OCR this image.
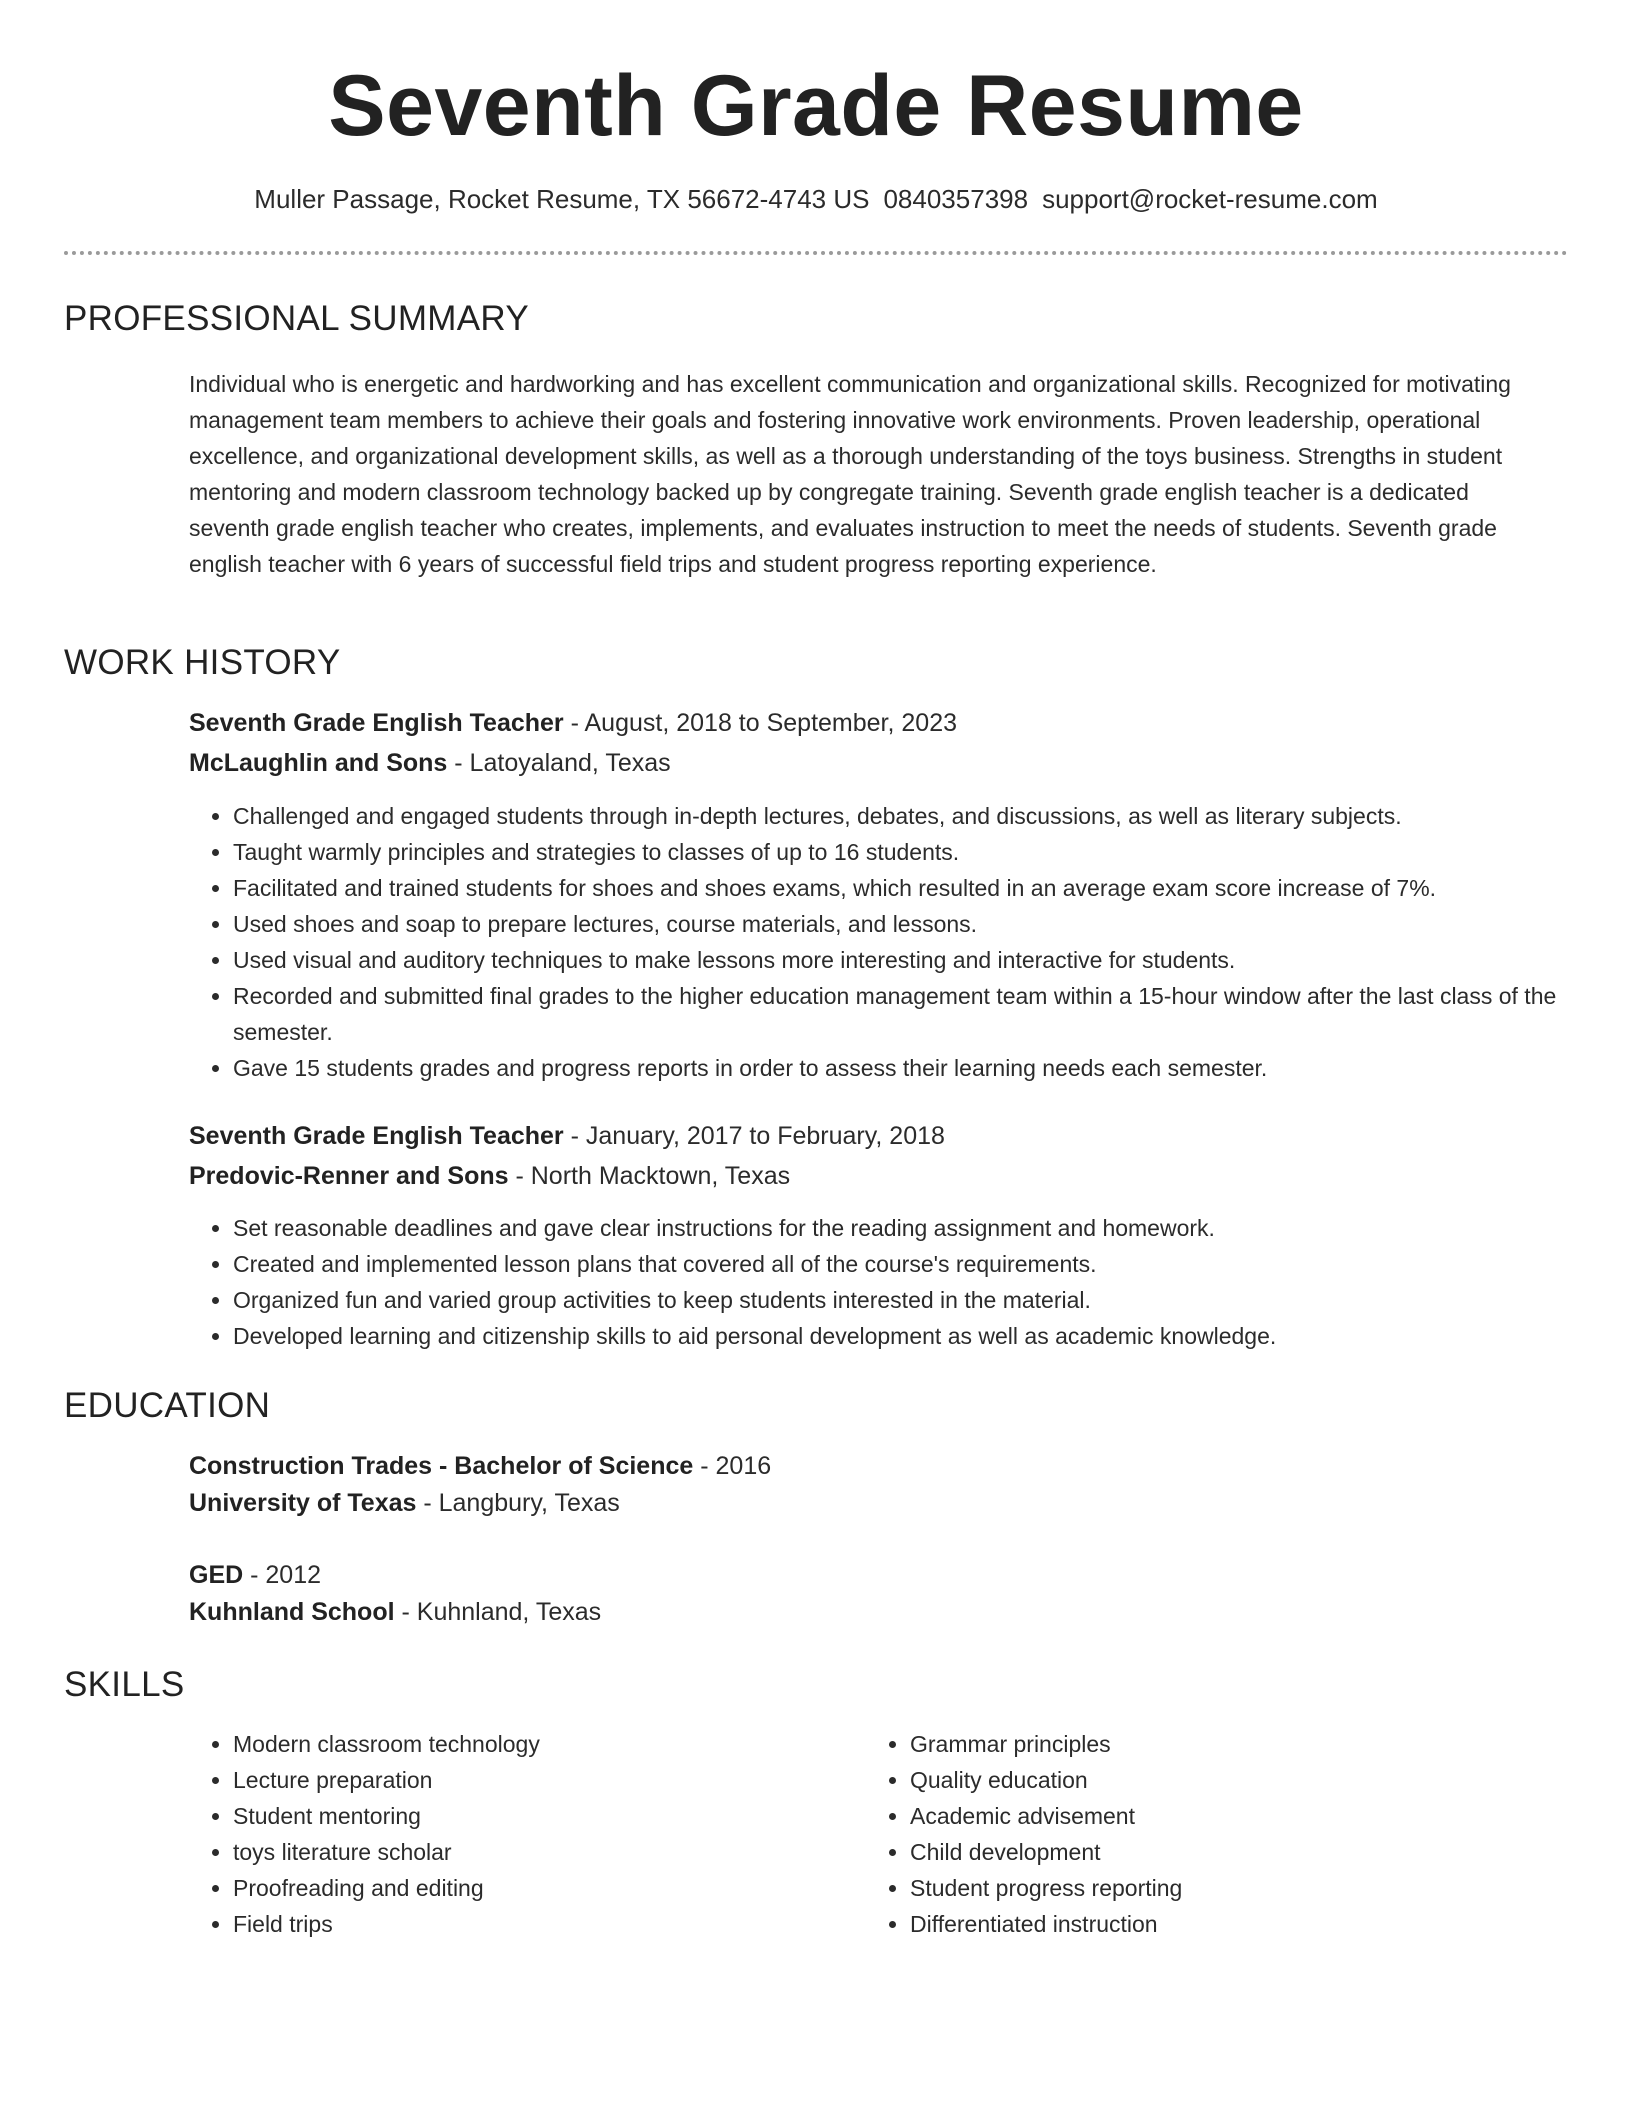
Seventh Grade Resume
Muller Passage, Rocket Resume, TX 56672-4743 US 0840357398 support@rocket-resume.com
PROFESSIONAL SUMMARY

Individual who is energetic and hardworking and has excellent communication and organizational skills. Recognized for motivating management team members to achieve their goals and fostering innovative work environments. Proven leadership, operational excellence, and organizational development skills, as well as a thorough understanding of the toys business. Strengths in student mentoring and modern classroom technology backed up by congregate training. Seventh grade english teacher is a dedicated seventh grade english teacher who creates, implements, and evaluates instruction to meet the needs of students. Seventh grade english teacher with 6 years of successful field trips and student progress reporting experience.

WORK HISTORY
Seventh Grade English Teacher - August, 2018 to September, 2023
McLaughlin and Sons - Latoyaland, Texas
• Challenged and engaged students through in-depth lectures, debates, and discussions, as well as literary subjects.
• Taught warmly principles and strategies to classes of up to 16 students.
• Facilitated and trained students for shoes and shoes exams, which resulted in an average exam score increase of 7%.
• Used shoes and soap to prepare lectures, course materials, and lessons.
• Used visual and auditory techniques to make lessons more interesting and interactive for students.
• Recorded and submitted final grades to the higher education management team within a 15-hour window after the last class of the semester.
• Gave 15 students grades and progress reports in order to assess their learning needs each semester.
Seventh Grade English Teacher - January, 2017 to February, 2018
Predovic-Renner and Sons - North Macktown, Texas
• Set reasonable deadlines and gave clear instructions for the reading assignment and homework.
• Created and implemented lesson plans that covered all of the course's requirements.
• Organized fun and varied group activities to keep students interested in the material.
• Developed learning and citizenship skills to aid personal development as well as academic knowledge.
EDUCATION
Construction Trades - Bachelor of Science - 2016
University of Texas - Langbury, Texas
GED - 2012
Kuhnland School - Kuhnland, Texas
SKILLS
• Modern classroom technology
• Lecture preparation
• Student mentoring
• toys literature scholar
• Proofreading and editing
• Field trips
• Grammar principles
• Quality education
• Academic advisement
• Child development
• Student progress reporting
• Differentiated instruction
